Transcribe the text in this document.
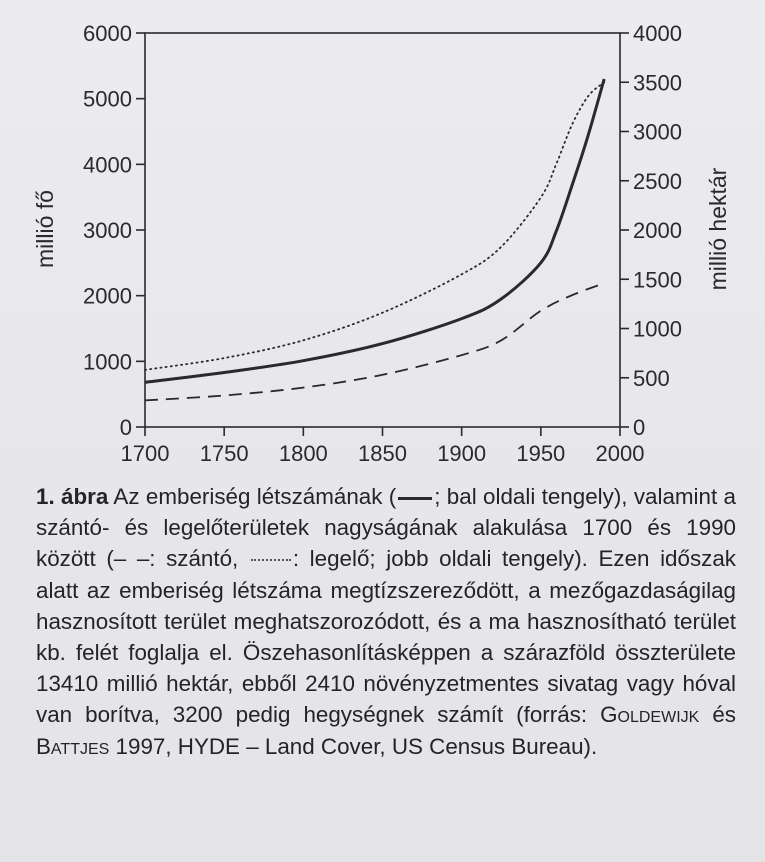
1700 1750 1800 1850 1900 1950 2000
0
1000
2000
3000
4000
5000
6000
0
500
1000
1500
2000
2500
3000
3500
4000
millió fő	millió hektár

1. ábra Az emberiség létszámának ( ; bal oldali tengely), valamint a szántó- és legelőterületek nagyságának alakulása 1700 és 1990 között (– –: szántó, : legelő; jobb oldali tengely). Ezen időszak alatt az emberiség létszáma megtízszereződött, a mezőgazdaságilag hasznosított terület meghatszorozódott, és a ma hasznosítható terület kb. felét foglalja el. Öszehasonlításképpen a szárazföld összterülete 13410 millió hektár, ebből 2410 növényzetmentes sivatag vagy hóval van borítva, 3200 pedig hegységnek számít (forrás: Goldewijk és Battjes 1997, HYDE – Land Cover, US Census Bureau).
